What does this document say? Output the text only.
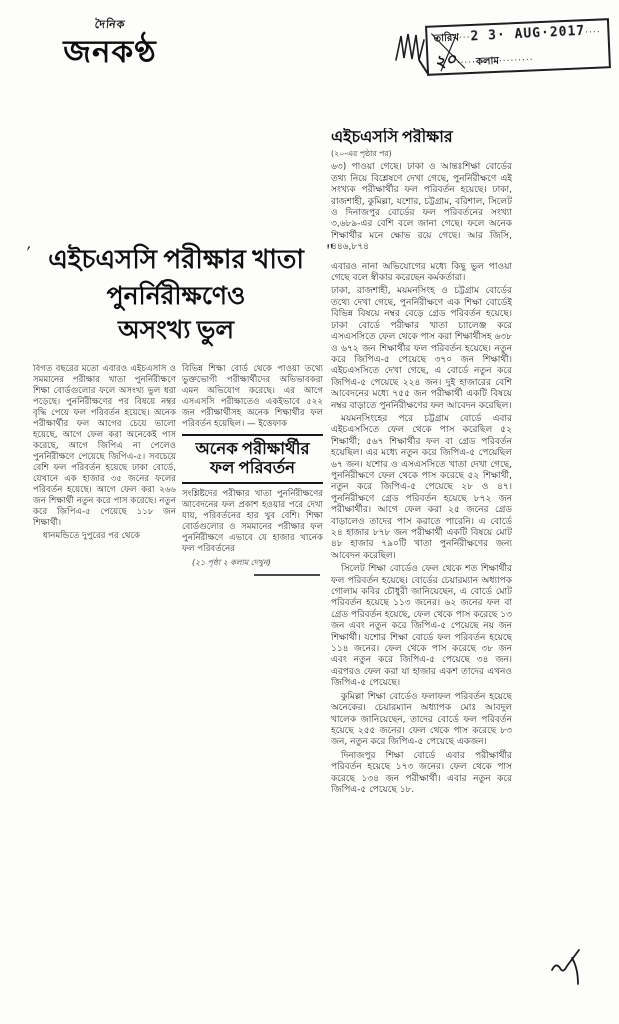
দৈনিক
জনকণ্ঠ	তারিখ ··· 2 3· AUG·2017 ····
২০
····· কলাম ·········
′ এইচএসসি পরীক্ষার খাতা ″
পুনর্নিরীক্ষণেও
অসংখ্য ভুল

বিগত বছরের মতো এবারও এইচএসসি ও সমমানের পরীক্ষার খাতা পুনর্নিরীক্ষণে শিক্ষা বোর্ডগুলোর ফলে অসংখ্য ভুল ধরা পড়েছে। পুনর্নিরীক্ষণের পর বিষয়ে নম্বর বৃদ্ধি পেয়ে ফল পরিবর্তন হয়েছে। অনেক পরীক্ষার্থীর ফল আগের চেয়ে ভালো হয়েছে, আগে ফেল করা অনেকেই পাস করেছে, আগে জিপিএ না পেলেও পুনর্নিরীক্ষণে পেয়েছে জিপিএ-৫। সবচেয়ে বেশি ফল পরিবর্তন হয়েছে ঢাকা বোর্ডে, যেখানে এক হাজার ৩৫ জনের ফলের পরিবর্তন হয়েছে। আগে ফেল করা ২৬৬ জন শিক্ষার্থী নতুন করে পাস করেছে। নতুন করে জিপিএ-৫ পেয়েছে ১১৮ জন শিক্ষার্থী।

ধানমন্ডিতে দুপুরের পর থেকে

বিভিন্ন শিক্ষা বোর্ড থেকে পাওয়া তথ্যে ভুক্তভোগী পরীক্ষার্থীদের অভিভাবকরা এমন অভিযোগ করেছে। এর আগে এসএসসি পরীক্ষাতেও একইভাবে ৫২২ জন পরীক্ষার্থীসহ অনেক শিক্ষার্থীর ফল পরিবর্তন হয়েছিল। — ইত্তেফাক

অনেক পরীক্ষার্থীর
ফল পরিবর্তন

সংশ্লিষ্টদের পরীক্ষার খাতা পুনর্নিরীক্ষণের আবেদনের ফল প্রকাশ হওয়ার পরে দেখা যায়, পরিবর্তনের হার খুব বেশি। শিক্ষা বোর্ডগুলোর ও সমমানের পরীক্ষার ফল পুনর্নিরীক্ষণে এভাবে যে হাজার খানেক ফল পরিবর্তনের

(২১ পৃষ্ঠা ২ কলাম দেখুন)

এইচএসসি পরীক্ষার

(২০-এর পৃষ্ঠার পর)

৬৩) পাওয়া গেছে। ঢাকা ও আন্তঃশিক্ষা বোর্ডের তথ্য নিয়ে বিশ্লেষণে দেখা গেছে, পুনর্নিরীক্ষণে এই সংখ্যক পরীক্ষার্থীর ফল পরিবর্তন হয়েছে। ঢাকা, রাজশাহী, কুমিল্লা, যশোর, চট্টগ্রাম, বরিশাল, সিলেট ও দিনাজপুর বোর্ডের ফল পরিবর্তনের সংখ্যা ৩,৬৮৯-এর বেশি বলে জানা গেছে। ফলে অনেক শিক্ষার্থীর মনে ক্ষোভ রয়ে গেছে। আর জিসি, ৪৪৬,৮৭৪

এবারও নানা অভিযোগের মধ্যে কিছু ভুল পাওয়া গেছে বলে স্বীকার করেছেন কর্মকর্তারা।

ঢাকা, রাজশাহী, ময়মনসিংহ ও চট্টগ্রাম বোর্ডের তথ্যে দেখা গেছে, পুনর্নিরীক্ষণে এক শিক্ষা বোর্ডেই বিভিন্ন বিষয়ে নম্বর বেড়ে গ্রেড পরিবর্তন হয়েছে। ঢাকা বোর্ডে পরীক্ষার খাতা চ্যালেঞ্জ করে এসএসসিতে ফেল থেকে পাস করা শিক্ষার্থীসহ ৬৩৮ ও ৬৭২ জন শিক্ষার্থীর ফল পরিবর্তন হয়েছে। নতুন করে জিপিএ-৫ পেয়েছে ৩৭০ জন শিক্ষার্থী। এইচএসসিতে দেখা গেছে, এ বোর্ডে নতুন করে জিপিএ-৫ পেয়েছে ২২৪ জন। দুই হাজারের বেশি আবেদনের মধ্যে ৭৫৫ জন পরীক্ষার্থী একটি বিষয়ে নম্বর বাড়াতে পুনর্নিরীক্ষণের ফল আবেদন করেছিল।

ময়মনসিংহের পরে চট্টগ্রাম বোর্ডে এবার এইচএসসিতে ফেল থেকে পাস করেছিল ৫২ শিক্ষার্থী; ৫৬৭ শিক্ষার্থীর ফল বা গ্রেড পরিবর্তন হয়েছিল। এর মধ্যে নতুন করে জিপিএ-৫ পেয়েছিল ৬৭ জন। যশোর ও এসএসসিতে খাতা দেখা গেছে, পুনর্নিরীক্ষণে ফেল থেকে পাস করেছে ৫২ শিক্ষার্থী, নতুন করে জিপিএ-৫ পেয়েছে ২৮ ও ৪৭। পুনর্নিরীক্ষণে গ্রেড পরিবর্তন হয়েছে ৮৭২ জন পরীক্ষার্থীর। আগে ফেল করা ২৫ জনের গ্রেড বাড়ালেও তাদের পাস করাতে পারেনি। এ বোর্ডে ২৪ হাজার ৮৭৮ জন পরীক্ষার্থী একটি বিষয়ে মোট ৪৮ হাজার ৭৯০টি খাতা পুনর্নিরীক্ষণের জন্য আবেদন করেছিল।

সিলেট শিক্ষা বোর্ডেও ফেল থেকে শত শিক্ষার্থীর ফল পরিবর্তন হয়েছে। বোর্ডের চেয়ারম্যান অধ্যাপক গোলাম কবির চৌধুরী জানিয়েছেন, এ বোর্ডে মোট পরিবর্তন হয়েছে ১১৩ জনের। ৬২ জনের ফল বা গ্রেড পরিবর্তন হয়েছে, ফেল থেকে পাস করেছে ১৩ জন এবং নতুন করে জিপিএ-৫ পেয়েছে নয় জন শিক্ষার্থী। যশোর শিক্ষা বোর্ডে ফল পরিবর্তন হয়েছে ১১৪ জনের। ফেল থেকে পাস করেছে ৩৮ জন এবং নতুন করে জিপিএ-৫ পেয়েছে ৩৪ জন। এরপরও ফেল করা যা হাজার একশ তাদের এখনও জিপিএ-৫ পেয়েছে।

কুমিল্লা শিক্ষা বোর্ডেও ফলাফল পরিবর্তন হয়েছে অনেকের। চেয়ারম্যান অধ্যাপক মোঃ আবদুল খালেক জানিয়েছেন, তাদের বোর্ডে ফল পরিবর্তন হয়েছে ২৫৫ জনের। ফেল থেকে পাস করেছে ৮৩ জন, নতুন করে জিপিএ-৫ পেয়েছে একজন।

দিনাজপুর শিক্ষা বোর্ডে এবার পরীক্ষার্থীর পরিবর্তন হয়েছে ১৭৩ জনের। ফেল থেকে পাস করেছে ১৩৪ জন পরীক্ষার্থী। এবার নতুন করে জিপিএ-৫ পেয়েছে ১৮.
